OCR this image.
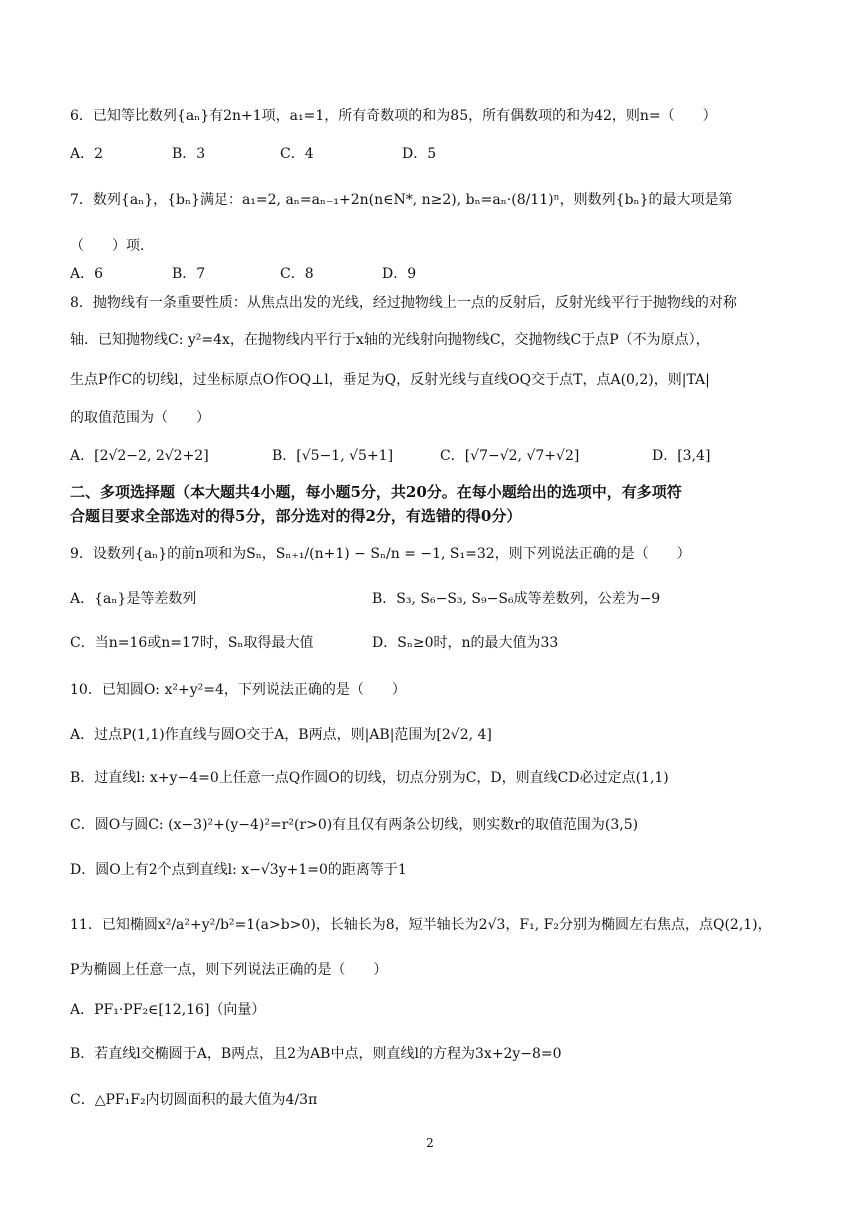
6．已知等比数列{aₙ}有2n+1项，a₁=1，所有奇数项的和为85，所有偶数项的和为42，则n=（　　）
A．2	B．3	C．4	D．5
7．数列{aₙ}，{bₙ}满足：a₁=2, aₙ=aₙ₋₁+2n(n∈N*, n≥2), bₙ=aₙ·(8/11)ⁿ，则数列{bₙ}的最大项是第
（　　）项．
A．6	B．7	C．8	D．9
8．抛物线有一条重要性质：从焦点出发的光线，经过抛物线上一点的反射后，反射光线平行于抛物线的对称
轴．已知抛物线C: y²=4x，在抛物线内平行于x轴的光线射向抛物线C，交抛物线C于点P（不为原点），
生点P作C的切线l，过坐标原点O作OQ⊥l，垂足为Q，反射光线与直线OQ交于点T，点A(0,2)，则|TA|
的取值范围为（　　）
A．[2√2−2, 2√2+2]	B．[√5−1, √5+1]	C．[√7−√2, √7+√2]	D．[3,4]
二、多项选择题（本大题共4小题，每小题5分，共20分。在每小题给出的选项中，有多项符
合题目要求全部选对的得5分，部分选对的得2分，有选错的得0分）
9．设数列{aₙ}的前n项和为Sₙ，Sₙ₊₁/(n+1) − Sₙ/n = −1, S₁=32，则下列说法正确的是（　　）
A．{aₙ}是等差数列	B．S₃, S₆−S₃, S₉−S₆成等差数列，公差为−9
C．当n=16或n=17时，Sₙ取得最大值	D．Sₙ≥0时，n的最大值为33
10．已知圆O: x²+y²=4，下列说法正确的是（　　）
A．过点P(1,1)作直线与圆O交于A，B两点，则|AB|范围为[2√2, 4]
B．过直线l: x+y−4=0上任意一点Q作圆O的切线，切点分别为C，D，则直线CD必过定点(1,1)
C．圆O与圆C: (x−3)²+(y−4)²=r²(r>0)有且仅有两条公切线，则实数r的取值范围为(3,5)
D．圆O上有2个点到直线l: x−√3y+1=0的距离等于1
11．已知椭圆x²/a²+y²/b²=1(a>b>0)，长轴长为8，短半轴长为2√3，F₁, F₂分别为椭圆左右焦点，点Q(2,1)，
P为椭圆上任意一点，则下列说法正确的是（　　）
A．PF₁·PF₂∈[12,16]（向量）
B．若直线l交椭圆于A，B两点，且2为AB中点，则直线l的方程为3x+2y−8=0
C．△PF₁F₂内切圆面积的最大值为4/3π
2
